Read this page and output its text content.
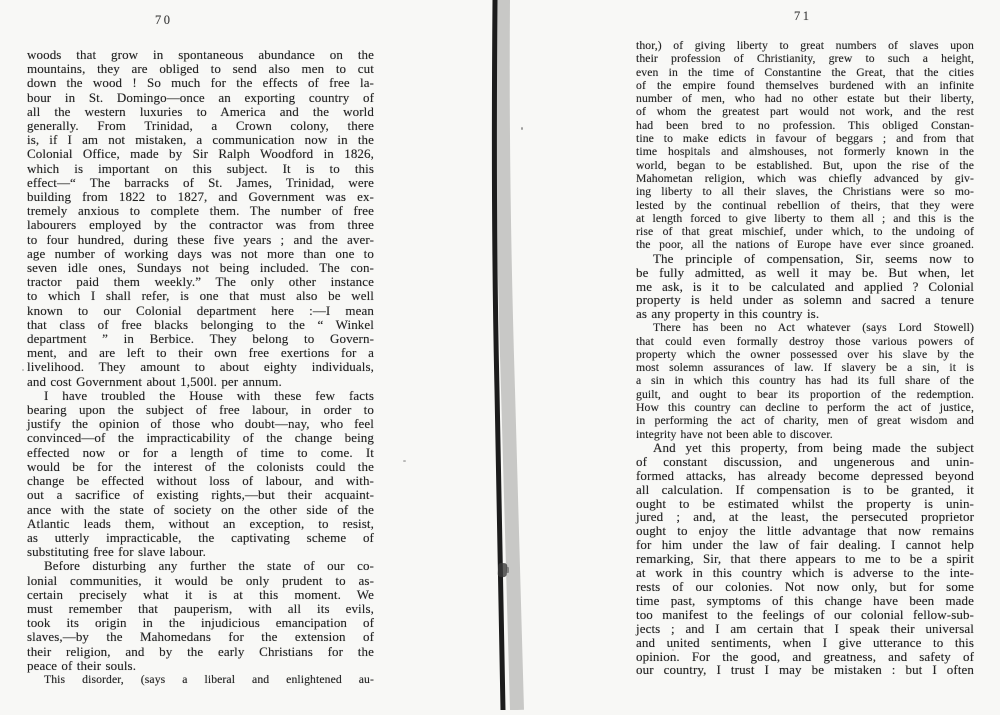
70
woods that grow in spontaneous abundance on the
mountains, they are obliged to send also men to cut
down the wood ! So much for the effects of free la-
bour in St. Domingo—once an exporting country of
all the western luxuries to America and the world
generally. From Trinidad, a Crown colony, there
is, if I am not mistaken, a communication now in the
Colonial Office, made by Sir Ralph Woodford in 1826,
which is important on this subject. It is to this
effect—“ The barracks of St. James, Trinidad, were
building from 1822 to 1827, and Government was ex-
tremely anxious to complete them. The number of free
labourers employed by the contractor was from three
to four hundred, during these five years ; and the aver-
age number of working days was not more than one to
seven idle ones, Sundays not being included. The con-
tractor paid them weekly.” The only other instance
to which I shall refer, is one that must also be well
known to our Colonial department here :—I mean
that class of free blacks belonging to the “ Winkel
department ” in Berbice. They belong to Govern-
ment, and are left to their own free exertions for a
livelihood. They amount to about eighty individuals,
and cost Government about 1,500l. per annum.
I have troubled the House with these few facts
bearing upon the subject of free labour, in order to
justify the opinion of those who doubt—nay, who feel
convinced—of the impracticability of the change being
effected now or for a length of time to come. It
would be for the interest of the colonists could the
change be effected without loss of labour, and with-
out a sacrifice of existing rights,—but their acquaint-
ance with the state of society on the other side of the
Atlantic leads them, without an exception, to resist,
as utterly impracticable, the captivating scheme of
substituting free for slave labour.
Before disturbing any further the state of our co-
lonial communities, it would be only prudent to as-
certain precisely what it is at this moment. We
must remember that pauperism, with all its evils,
took its origin in the injudicious emancipation of
slaves,—by the Mahomedans for the extension of
their religion, and by the early Christians for the
peace of their souls.
This disorder, (says a liberal and enlightened au-
71
thor,) of giving liberty to great numbers of slaves upon
their profession of Christianity, grew to such a height,
even in the time of Constantine the Great, that the cities
of the empire found themselves burdened with an infinite
number of men, who had no other estate but their liberty,
of whom the greatest part would not work, and the rest
had been bred to no profession. This obliged Constan-
tine to make edicts in favour of beggars ; and from that
time hospitals and almshouses, not formerly known in the
world, began to be established. But, upon the rise of the
Mahometan religion, which was chiefly advanced by giv-
ing liberty to all their slaves, the Christians were so mo-
lested by the continual rebellion of theirs, that they were
at length forced to give liberty to them all ; and this is the
rise of that great mischief, under which, to the undoing of
the poor, all the nations of Europe have ever since groaned.
The principle of compensation, Sir, seems now to
be fully admitted, as well it may be. But when, let
me ask, is it to be calculated and applied ? Colonial
property is held under as solemn and sacred a tenure
as any property in this country is.
There has been no Act whatever (says Lord Stowell)
that could even formally destroy those various powers of
property which the owner possessed over his slave by the
most solemn assurances of law. If slavery be a sin, it is
a sin in which this country has had its full share of the
guilt, and ought to bear its proportion of the redemption.
How this country can decline to perform the act of justice,
in performing the act of charity, men of great wisdom and
integrity have not been able to discover.
And yet this property, from being made the subject
of constant discussion, and ungenerous and unin-
formed attacks, has already become depressed beyond
all calculation. If compensation is to be granted, it
ought to be estimated whilst the property is unin-
jured ; and, at the least, the persecuted proprietor
ought to enjoy the little advantage that now remains
for him under the law of fair dealing. I cannot help
remarking, Sir, that there appears to me to be a spirit
at work in this country which is adverse to the inte-
rests of our colonies. Not now only, but for some
time past, symptoms of this change have been made
too manifest to the feelings of our colonial fellow-sub-
jects ; and I am certain that I speak their universal
and united sentiments, when I give utterance to this
opinion. For the good, and greatness, and safety of
our country, I trust I may be mistaken : but I often
